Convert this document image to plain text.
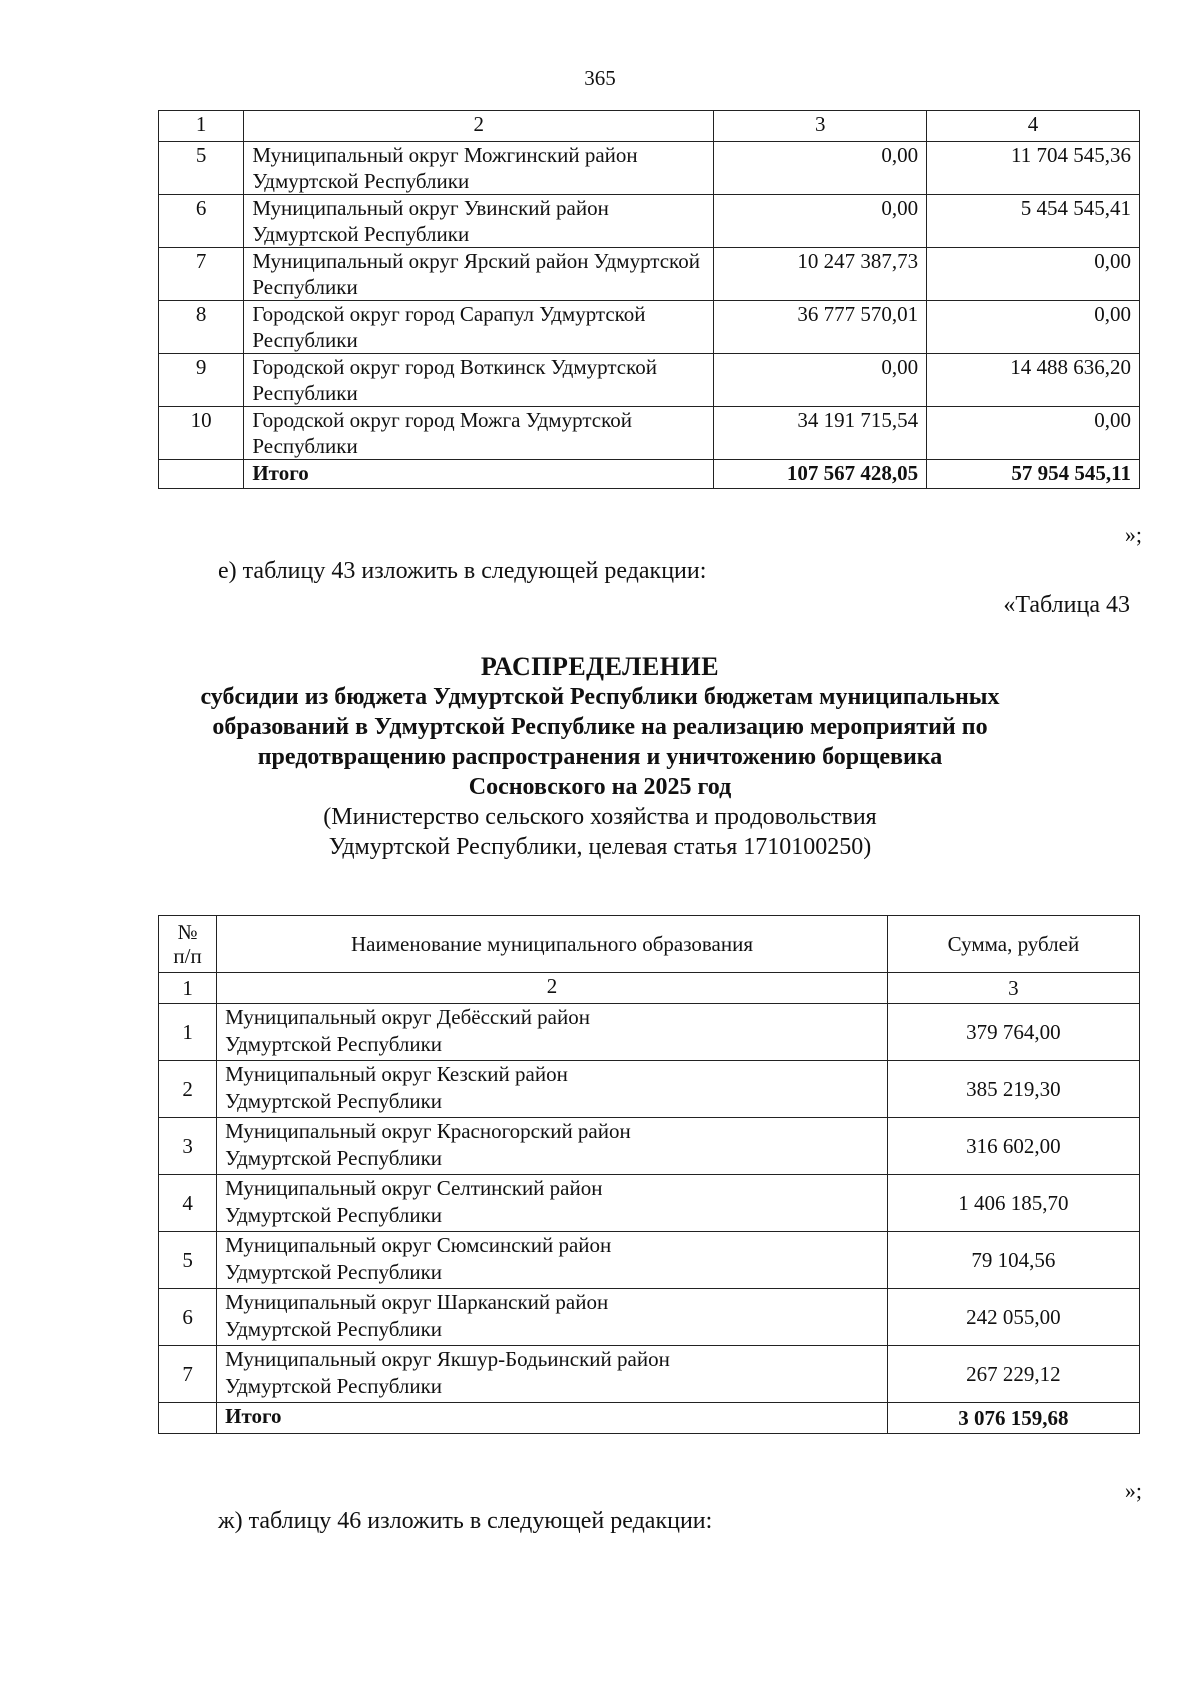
365
1	2	3	4
5	Муниципальный округ Можгинский район Удмуртской Республики	0,00	11 704 545,36
6	Муниципальный округ Увинский район Удмуртской Республики	0,00	5 454 545,41
7	Муниципальный округ Ярский район Удмуртской Республики	10 247 387,73	0,00
8	Городской округ город Сарапул Удмуртской Республики	36 777 570,01	0,00
9	Городской округ город Воткинск Удмуртской Республики	0,00	14 488 636,20
10	Городской округ город Можга Удмуртской Республики	34 191 715,54	0,00
	Итого	107 567 428,05	57 954 545,11
»;
е) таблицу 43 изложить в следующей редакции:
«Таблица 43
РАСПРЕДЕЛЕНИЕ
субсидии из бюджета Удмуртской Республики бюджетам муниципальных
образований в Удмуртской Республике на реализацию мероприятий по
предотвращению распространения и уничтожению борщевика
Сосновского на 2025 год
(Министерство сельского хозяйства и продовольствия
Удмуртской Республики, целевая статья 1710100250)
№ п/п	Наименование муниципального образования	Сумма, рублей
1	2	3
1	Муниципальный округ Дебёсский район
Удмуртской Республики	379 764,00
2	Муниципальный округ Кезский район
Удмуртской Республики	385 219,30
3	Муниципальный округ Красногорский район
Удмуртской Республики	316 602,00
4	Муниципальный округ Селтинский район
Удмуртской Республики	1 406 185,70
5	Муниципальный округ Сюмсинский район
Удмуртской Республики	79 104,56
6	Муниципальный округ Шарканский район
Удмуртской Республики	242 055,00
7	Муниципальный округ Якшур-Бодьинский район
Удмуртской Республики	267 229,12
	Итого	3 076 159,68
»;
ж) таблицу 46 изложить в следующей редакции:
